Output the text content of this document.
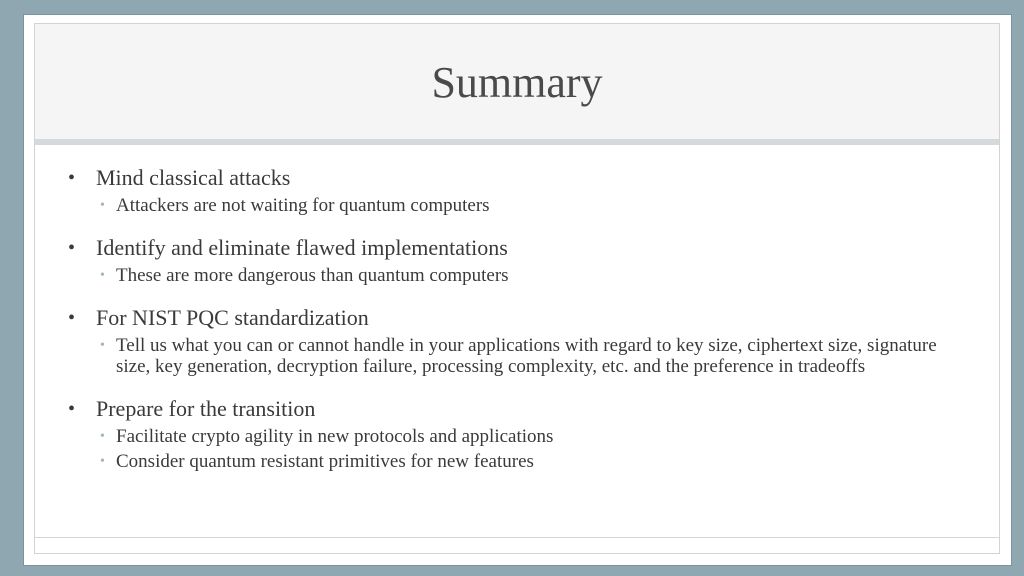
Summary
• Mind classical attacks
• Attackers are not waiting for quantum computers
• Identify and eliminate flawed implementations
• These are more dangerous than quantum computers
• For NIST PQC standardization
• Tell us what you can or cannot handle in your applications with regard to key size, ciphertext size, signature size, key generation, decryption failure, processing complexity, etc. and the preference in tradeoffs
• Prepare for the transition
• Facilitate crypto agility in new protocols and applications
• Consider quantum resistant primitives for new features
